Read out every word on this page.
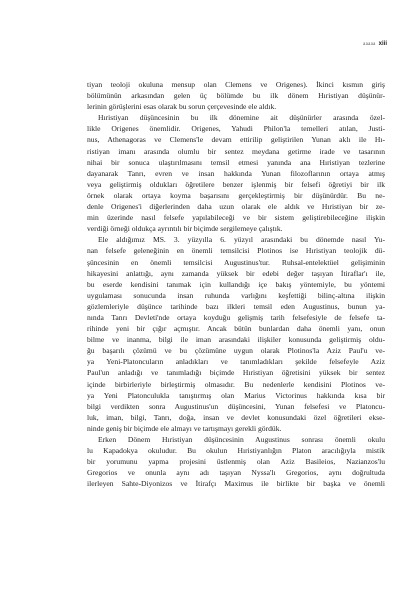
aaaaa xiii
tiyan teoloji okuluna mensup olan Clemens ve Origenes). İkinci kısmın giriş
bölümünün arkasından gelen üç bölümde bu ilk dönem Hıristiyan düşünür-
lerinin görüşlerini esas olarak bu sorun çerçevesinde ele aldık.
Hıristiyan düşüncesinin bu ilk dönemine ait düşünürler arasında özel-
likle Origenes önemlidir. Origenes, Yahudi Philon'la temelleri atılan, Justi-
nus, Athenagoras ve Clemens'le devam ettirilip geliştirilen Yunan aklı ile Hı-
ristiyan imanı arasında olumlu bir sentez meydana getirme irade ve tasarının
nihai bir sonuca ulaştırılmasını temsil etmesi yanında ana Hıristiyan tezlerine
dayanarak Tanrı, evren ve insan hakkında Yunan filozoflarının ortaya atmış
veya geliştirmiş oldukları öğretilere benzer işlenmiş bir felsefi öğretiyi bir ilk
örnek olarak ortaya koyma başarısını gerçekleştirmiş bir düşünürdür. Bu ne-
denle Origenes'i diğerlerinden daha uzun olarak ele aldık ve Hıristiyan bir ze-
min üzerinde nasıl felsefe yapılabileceği ve bir sistem geliştirebileceğine ilişkin
verdiği örneği oldukça ayrıntılı bir biçimde sergilemeye çalıştık.
Ele aldığımız MS. 3. yüzyılla 6. yüzyıl arasındaki bu dönemde nasıl Yu-
nan felsefe geleneğinin en önemli temsilcisi Plotinos ise Hıristiyan teolojik dü-
şüncesinin en önemli temsilcisi Augustinus'tur. Ruhsal-entelektüel gelişiminin
hikayesini anlattığı, aynı zamanda yüksek bir edebi değer taşıyan İtiraflar'ı ile,
bu eserde kendisini tanımak için kullandığı içe bakış yöntemiyle, bu yöntemi
uygulaması sonucunda insan ruhunda varlığını keşfettiği bilinç-altına ilişkin
gözlemleriyle düşünce tarihinde bazı ilkleri temsil eden Augustinus, bunun ya-
nında Tanrı Devleti'nde ortaya koyduğu gelişmiş tarih felsefesiyle de felsefe ta-
rihinde yeni bir çığır açmıştır. Ancak bütün bunlardan daha önemli yanı, onun
bilme ve inanma, bilgi ile iman arasındaki ilişkiler konusunda geliştirmiş oldu-
ğu başarılı çözümü ve bu çözümüne uygun olarak Plotinos'la Aziz Paul'u ve-
ya Yeni-Platoncuların anladıkları ve tanımladıkları şekilde felsefeyle Aziz
Paul'un anladığı ve tanımladığı biçimde Hıristiyan öğretisini yüksek bir sentez
içinde birbirleriyle birleştirmiş olmasıdır. Bu nedenlerle kendisini Plotinos ve-
ya Yeni Platonculukla tanıştırmış olan Marius Victorinus hakkında kısa bir
bilgi verdikten sonra Augustinus'un düşüncesini, Yunan felsefesi ve Platoncu-
luk, iman, bilgi, Tanrı, doğa, insan ve devlet konusundaki özel öğretileri ekse-
ninde geniş bir biçimde ele almayı ve tartışmayı gerekli gördük.
Erken Dönem Hıristiyan düşüncesinin Augustinus sonrası önemli okulu
lu Kapadokya okuludur. Bu okulun Hıristiyanlığın Platon aracılığıyla mistik
bir yorumunu yapma projesini üstlenmiş olan Aziz Basileios, Nazianzos'lu
Gregorios ve onunla aynı adı taşıyan Nyssa'lı Gregorios, aynı doğrultuda
ilerleyen Sahte-Diyonizos ve İtirafçı Maximus ile birlikte bir başka ve önemli
